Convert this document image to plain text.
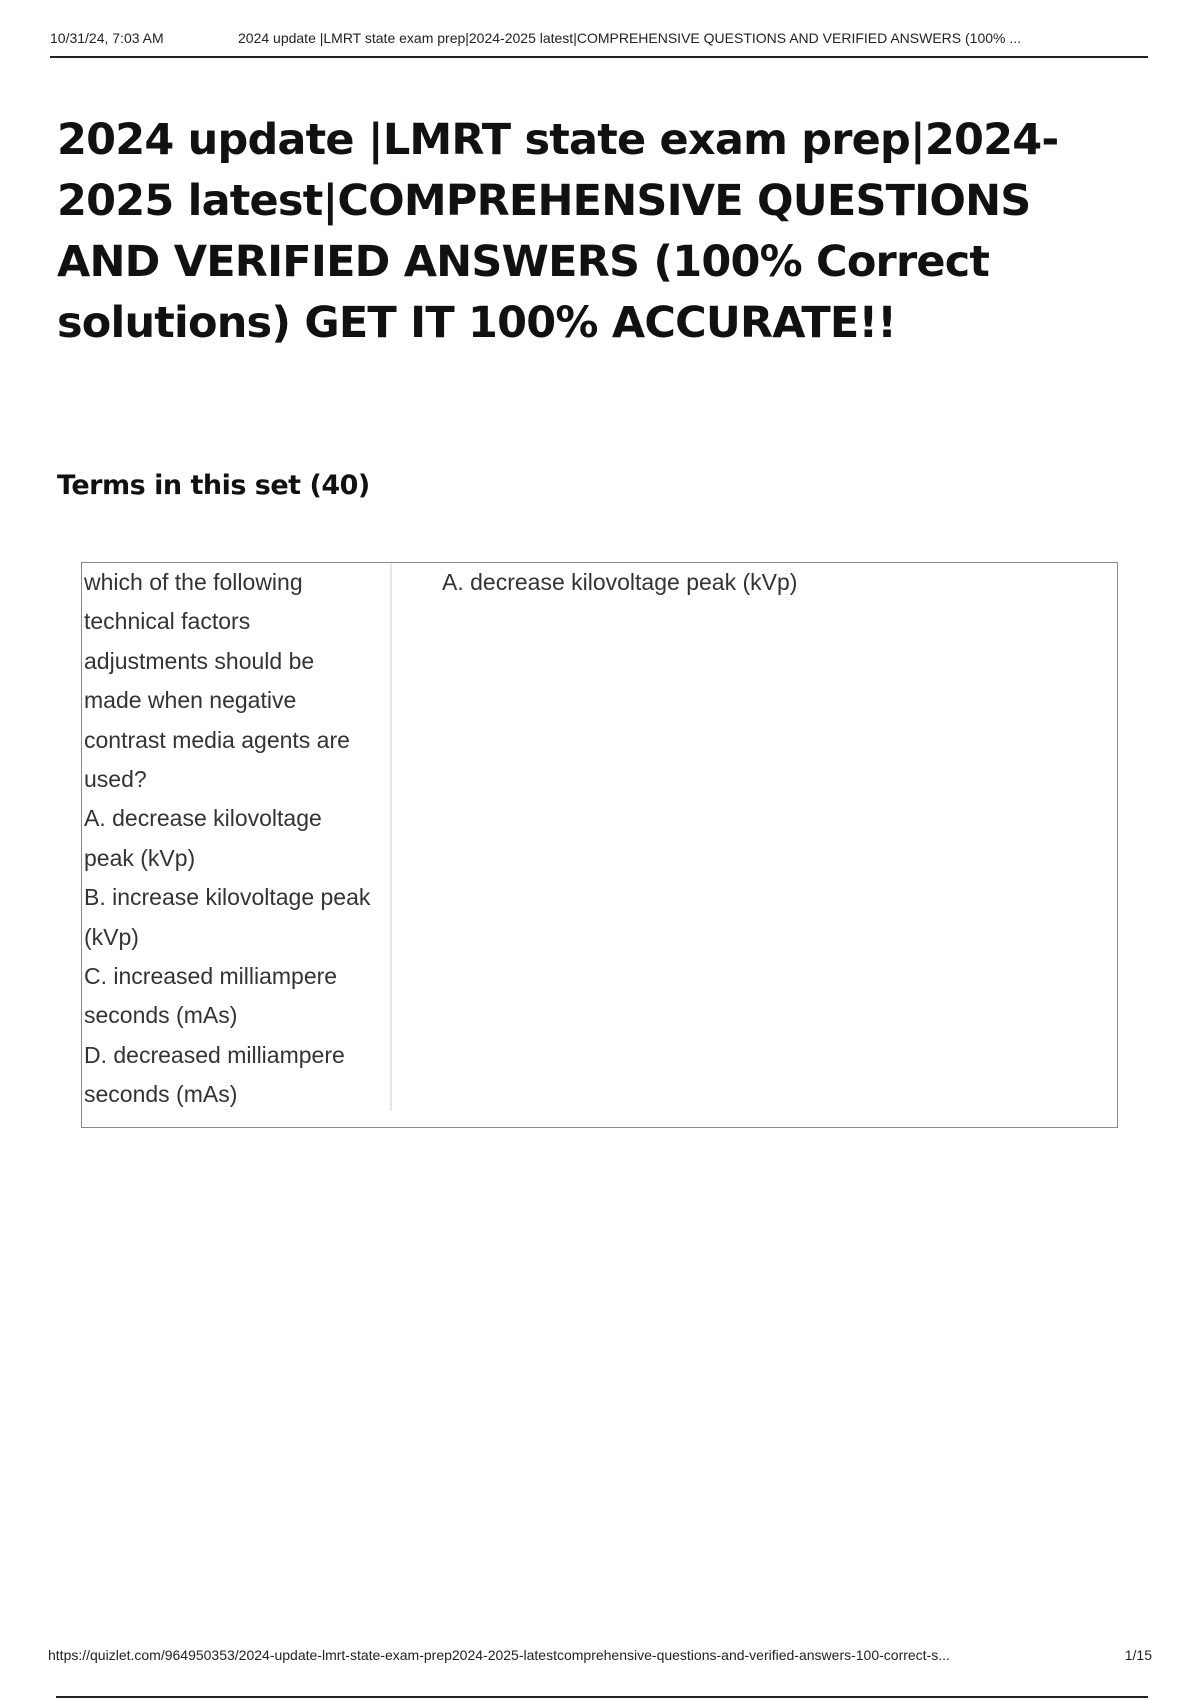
10/31/24, 7:03 AM	2024 update |LMRT state exam prep|2024-2025 latest|COMPREHENSIVE QUESTIONS AND VERIFIED ANSWERS (100% ...
2024 update |LMRT state exam prep|2024-2025 latest|COMPREHENSIVE QUESTIONS AND VERIFIED ANSWERS (100% Correct solutions) GET IT 100% ACCURATE!!
Terms in this set (40)
which of the following technical factors adjustments should be made when negative contrast media agents are used?
A. decrease kilovoltage peak (kVp)
B. increase kilovoltage peak (kVp)
C. increased milliampere seconds (mAs)
D. decreased milliampere seconds (mAs)
A. decrease kilovoltage peak (kVp)
https://quizlet.com/964950353/2024-update-lmrt-state-exam-prep2024-2025-latestcomprehensive-questions-and-verified-answers-100-correct-s...	1/15
